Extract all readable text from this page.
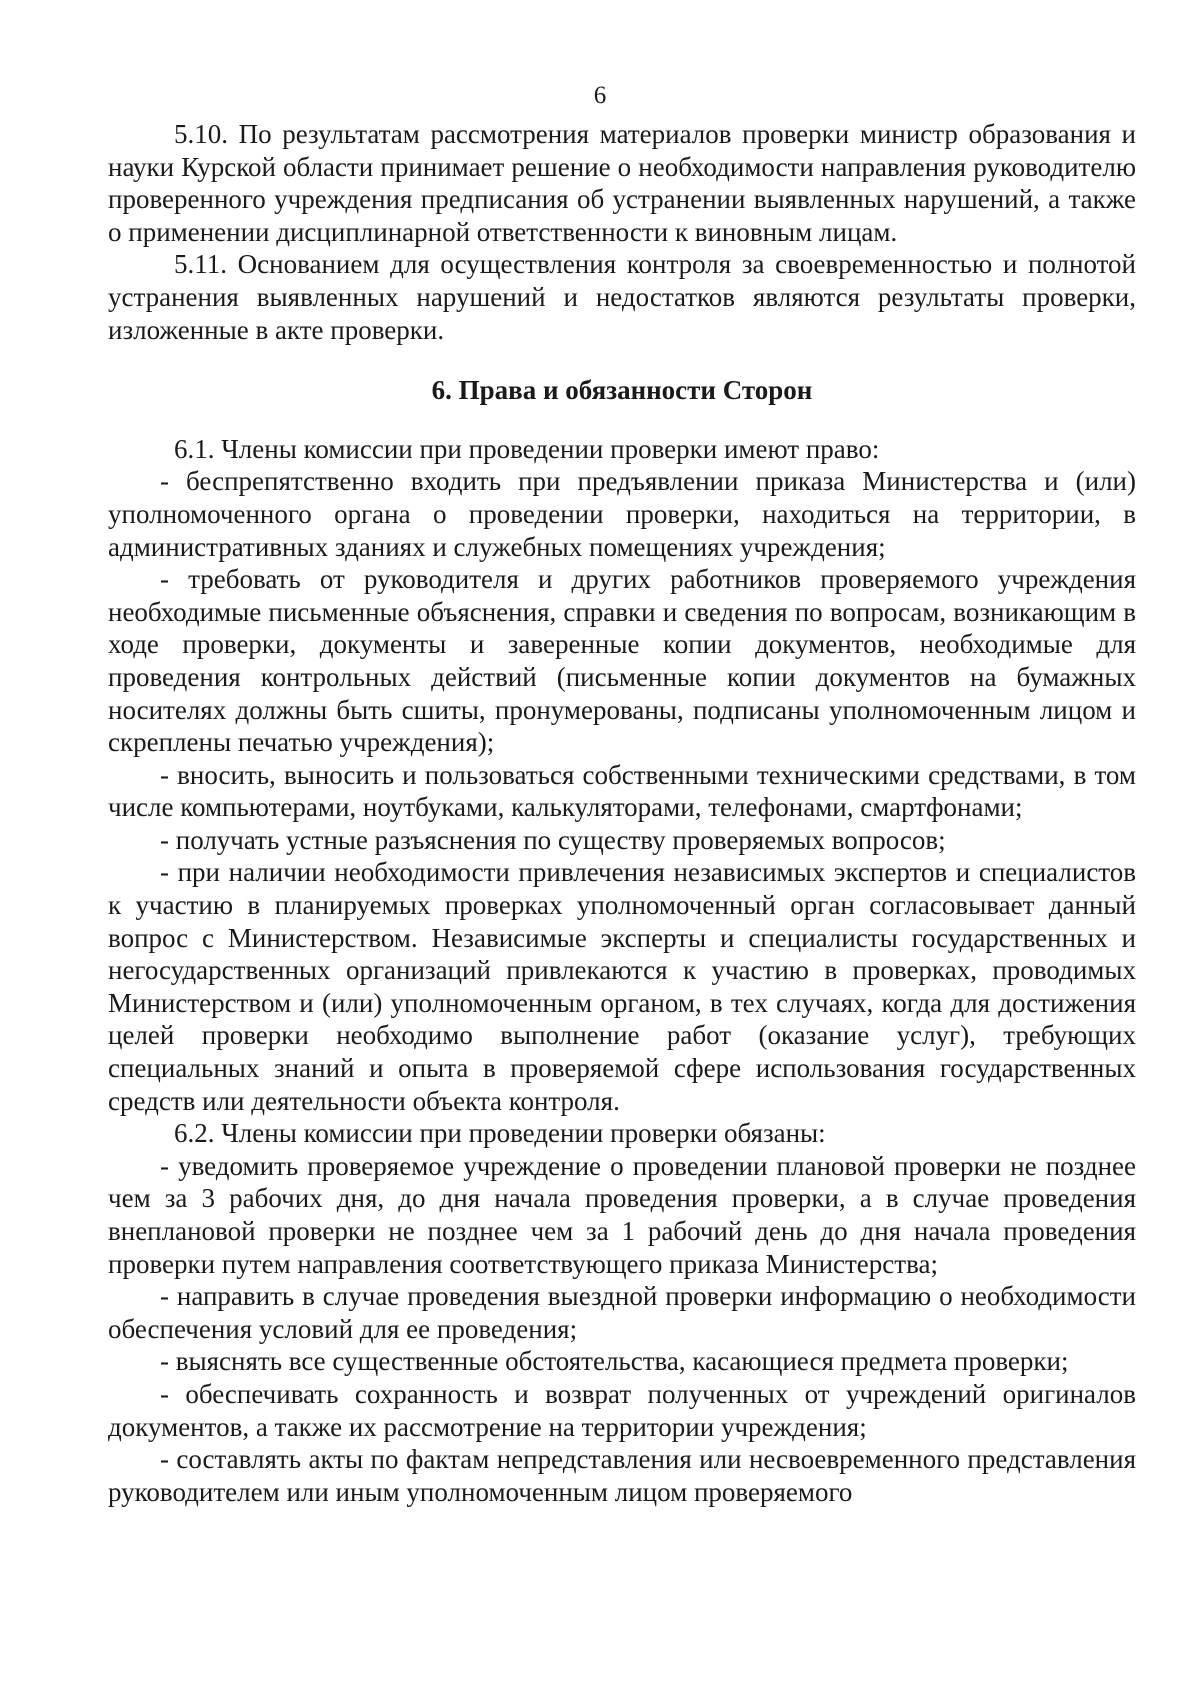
6

5.10. По результатам рассмотрения материалов проверки министр образования и науки Курской области принимает решение о необходимости направления руководителю проверенного учреждения предписания об устранении выявленных нарушений, а также о применении дисциплинарной ответственности к виновным лицам.

5.11. Основанием для осуществления контроля за своевременностью и полнотой устранения выявленных нарушений и недостатков являются результаты проверки, изложенные в акте проверки.

6. Права и обязанности Сторон

6.1. Члены комиссии при проведении проверки имеют право:

- беспрепятственно входить при предъявлении приказа Министерства и (или) уполномоченного органа о проведении проверки, находиться на территории, в административных зданиях и служебных помещениях учреждения;

- требовать от руководителя и других работников проверяемого учреждения необходимые письменные объяснения, справки и сведения по вопросам, возникающим в ходе проверки, документы и заверенные копии документов, необходимые для проведения контрольных действий (письменные копии документов на бумажных носителях должны быть сшиты, пронумерованы, подписаны уполномоченным лицом и скреплены печатью учреждения);

- вносить, выносить и пользоваться собственными техническими средствами, в том числе компьютерами, ноутбуками, калькуляторами, телефонами, смартфонами;

- получать устные разъяснения по существу проверяемых вопросов;

- при наличии необходимости привлечения независимых экспертов и специалистов к участию в планируемых проверках уполномоченный орган согласовывает данный вопрос с Министерством. Независимые эксперты и специалисты государственных и негосударственных организаций привлекаются к участию в проверках, проводимых Министерством и (или) уполномоченным органом, в тех случаях, когда для достижения целей проверки необходимо выполнение работ (оказание услуг), требующих специальных знаний и опыта в проверяемой сфере использования государственных средств или деятельности объекта контроля.

6.2. Члены комиссии при проведении проверки обязаны:

- уведомить проверяемое учреждение о проведении плановой проверки не позднее чем за 3 рабочих дня, до дня начала проведения проверки, а в случае проведения внеплановой проверки не позднее чем за 1 рабочий день до дня начала проведения проверки путем направления соответствующего приказа Министерства;

- направить в случае проведения выездной проверки информацию о необходимости обеспечения условий для ее проведения;

- выяснять все существенные обстоятельства, касающиеся предмета проверки;

- обеспечивать сохранность и возврат полученных от учреждений оригиналов документов, а также их рассмотрение на территории учреждения;

- составлять акты по фактам непредставления или несвоевременного представления руководителем или иным уполномоченным лицом проверяемого
